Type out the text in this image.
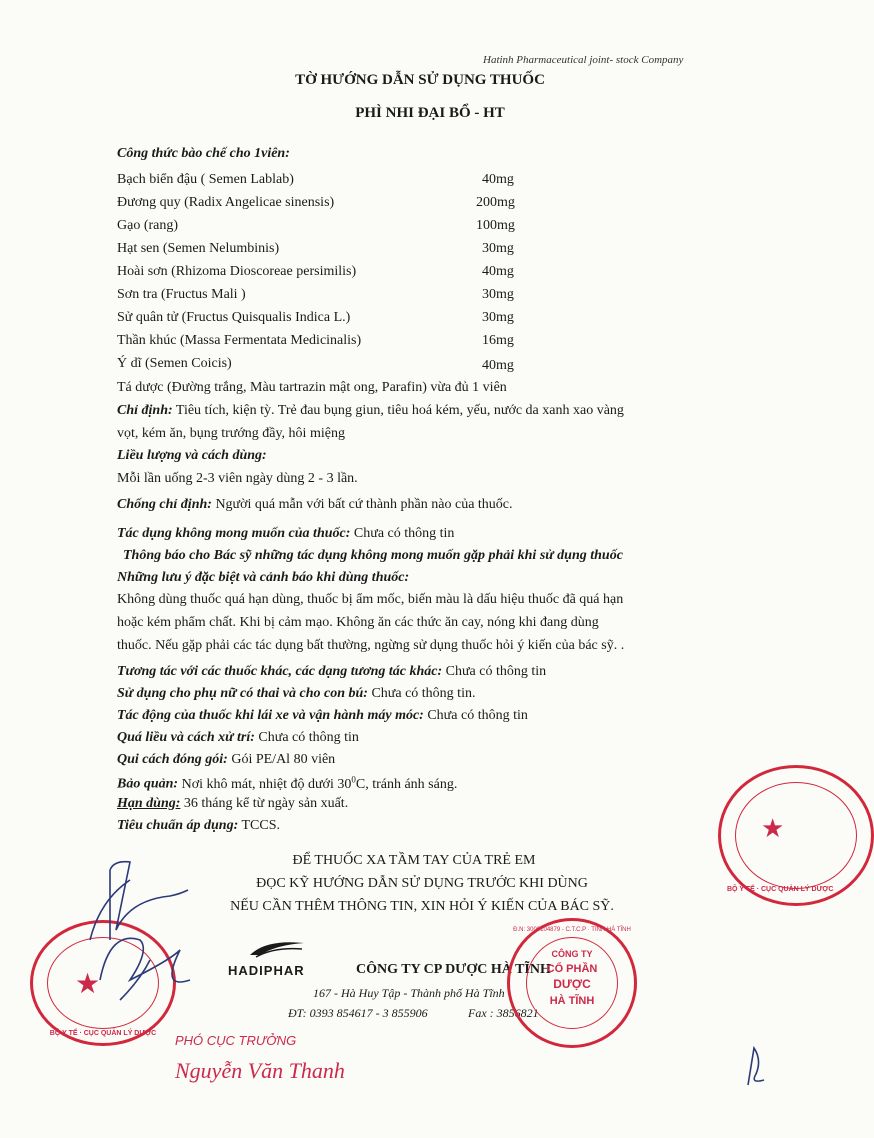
Hatinh Pharmaceutical joint- stock Company
TỜ HƯỚNG DẪN SỬ DỤNG THUỐC
PHÌ NHI ĐẠI BỔ - HT
Công thức bào chế cho 1viên:
Bạch biển đậu ( Semen Lablab)	40mg
Đương quy (Radix Angelicae sinensis)	200mg
Gạo (rang)	100mg
Hạt sen (Semen Nelumbinis)	30mg
Hoài sơn (Rhizoma Dioscoreae persimilis)	40mg
Sơn tra (Fructus Mali )	30mg
Sử quân tử (Fructus Quisqualis Indica L.)	30mg
Thần khúc (Massa Fermentata Medicinalis)	16mg
Ý dĩ (Semen Coicis)	40mg
Tá dược (Đường trắng, Màu tartrazin mật ong, Parafin) vừa đủ 1 viên
Chỉ định: Tiêu tích, kiện tỳ. Trẻ đau bụng giun, tiêu hoá kém, yếu, nước da xanh xao vàng
vọt, kém ăn, bụng trướng đầy, hôi miệng
Liều lượng và cách dùng:
Mỗi lần uống 2-3 viên ngày dùng 2 - 3 lần.
Chống chỉ định: Người quá mẫn với bất cứ thành phần nào của thuốc.
Tác dụng không mong muốn của thuốc: Chưa có thông tin
Thông báo cho Bác sỹ những tác dụng không mong muốn gặp phải khi sử dụng thuốc
Những lưu ý đặc biệt và cảnh báo khi dùng thuốc:
Không dùng thuốc quá hạn dùng, thuốc bị ẩm mốc, biến màu là dấu hiệu thuốc đã quá hạn
hoặc kém phẩm chất. Khi bị cảm mạo. Không ăn các thức ăn cay, nóng khi đang dùng
thuốc. Nếu gặp phải các tác dụng bất thường, ngừng sử dụng thuốc hỏi ý kiến của bác sỹ. .
Tương tác với các thuốc khác, các dạng tương tác khác: Chưa có thông tin
Sử dụng cho phụ nữ có thai và cho con bú: Chưa có thông tin.
Tác động của thuốc khi lái xe và vận hành máy móc: Chưa có thông tin
Quá liều và cách xử trí: Chưa có thông tin
Qui cách đóng gói: Gói PE/Al 80 viên
Bảo quản: Nơi khô mát, nhiệt độ dưới $30^0C$, tránh ánh sáng.
Hạn dùng: 36 tháng kể từ ngày sản xuất.
Tiêu chuẩn áp dụng: TCCS.
ĐỂ THUỐC XA TẦM TAY CỦA TRẺ EM
ĐỌC KỸ HƯỚNG DẪN SỬ DỤNG TRƯỚC KHI DÙNG
NẾU CẦN THÊM THÔNG TIN, XIN HỎI Ý KIẾN CỦA BÁC SỸ.
HADIPHAR	CÔNG TY CP DƯỢC HÀ TĨNH
167 - Hà Huy Tập - Thành phố Hà Tĩnh
ĐT: 0393 854617 - 3 855906	Fax : 3856821
★
BỘ Y TẾ · CỤC QUẢN LÝ DƯỢC
★
BỘ Y TẾ · CỤC QUẢN LÝ DƯỢC
CÔNG TY
CỔ PHẦN
DƯỢC
HÀ TĨNH
Đ.N: 3000104879 - C.T.C.P · TỈNH HÀ TĨNH
PHÓ CỤC TRƯỞNG
Nguyễn Văn Thanh
